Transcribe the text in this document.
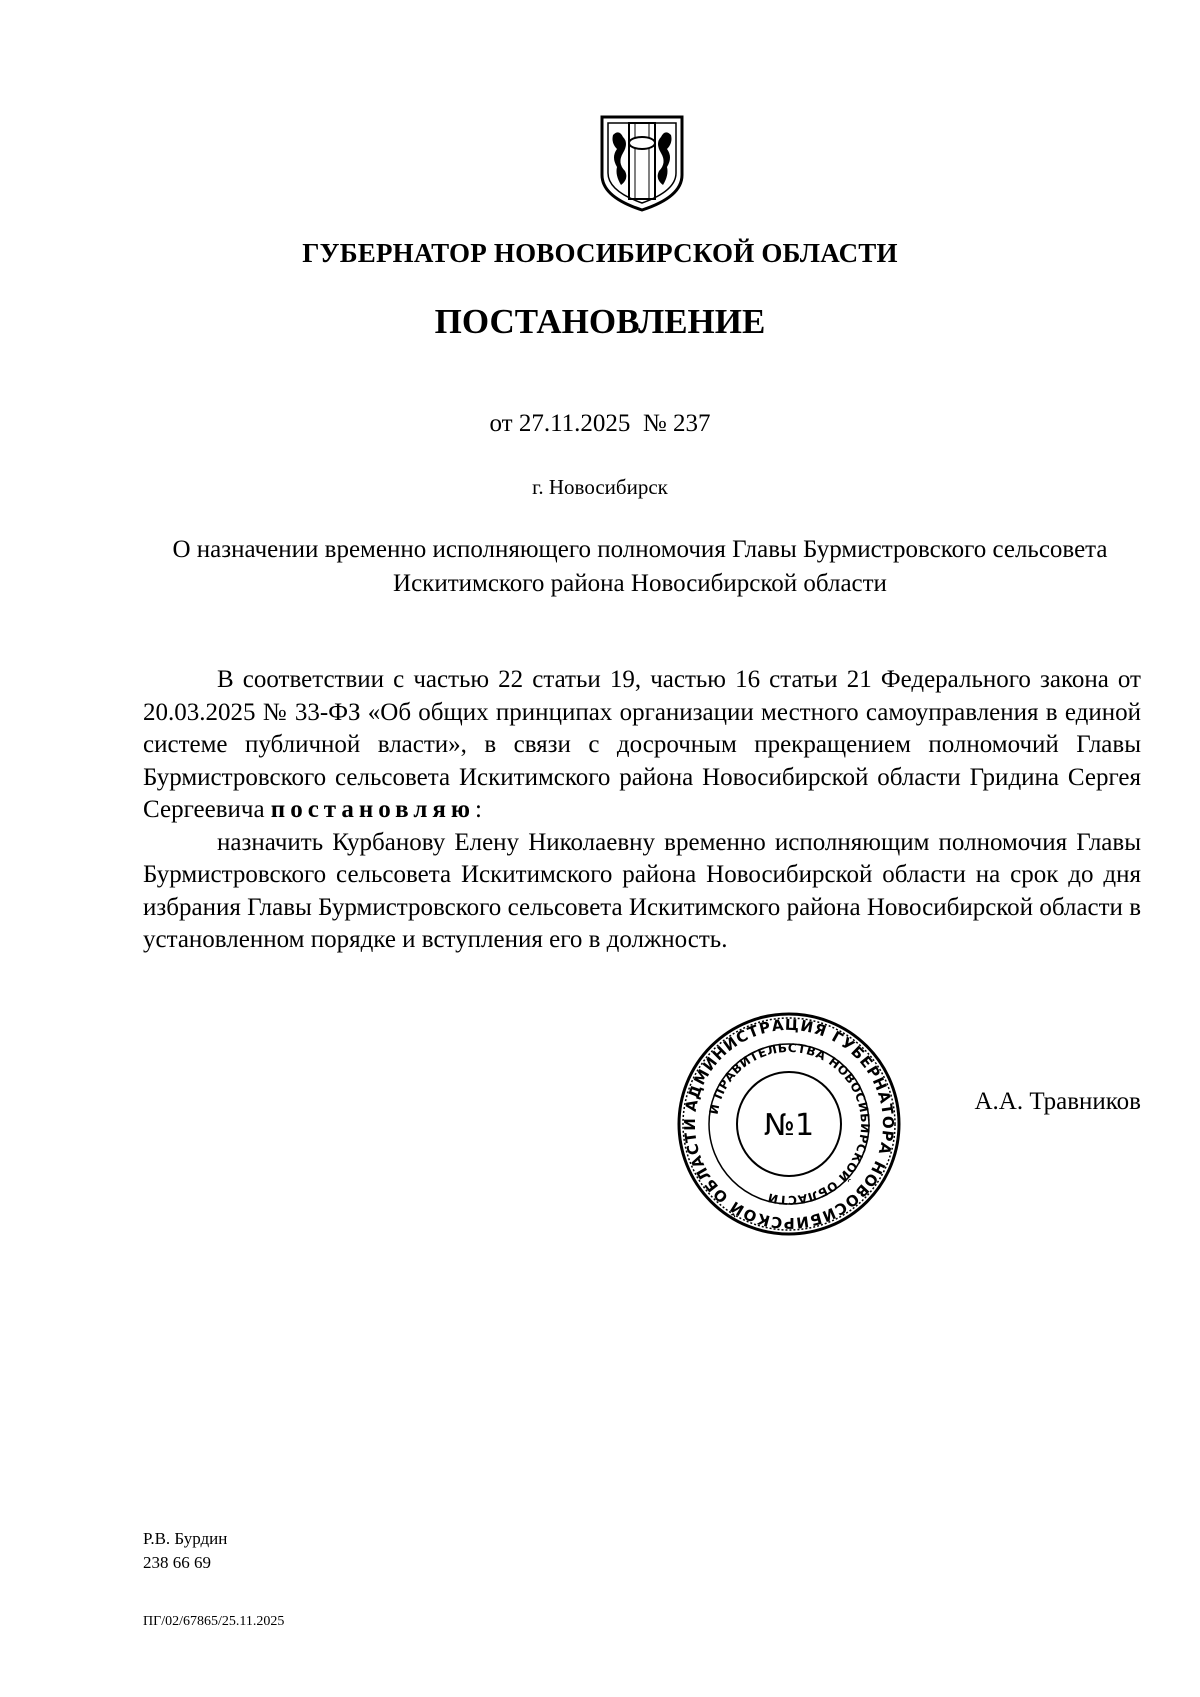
ГУБЕРНАТОР НОВОСИБИРСКОЙ ОБЛАСТИ
ПОСТАНОВЛЕНИЕ
от 27.11.2025  № 237
г. Новосибирск
О назначении временно исполняющего полномочия Главы Бурмистровского сельсовета Искитимского района Новосибирской области

В соответствии с частью 22 статьи 19, частью 16 статьи 21 Федерального закона от 20.03.2025 № 33-ФЗ «Об общих принципах организации местного самоуправления в единой системе публичной власти», в связи с досрочным прекращением полномочий Главы Бурмистровского сельсовета Искитимского района Новосибирской области Гридина Сергея Сергеевича постановляю:

назначить Курбанову Елену Николаевну временно исполняющим полномочия Главы Бурмистровского сельсовета Искитимского района Новосибирской области на срок до дня избрания Главы Бурмистровского сельсовета Искитимского района Новосибирской области в установленном порядке и вступления его в должность.

АДМИНИСТРАЦИЯ ГУБЕРНАТОРА НОВОСИБИРСКОЙ ОБЛАСТИ
И ПРАВИТЕЛЬСТВА НОВОСИБИРСКОЙ ОБЛАСТИ
№1
А.А. Травников
Р.В. Бурдин
238 66 69
ПГ/02/67865/25.11.2025
